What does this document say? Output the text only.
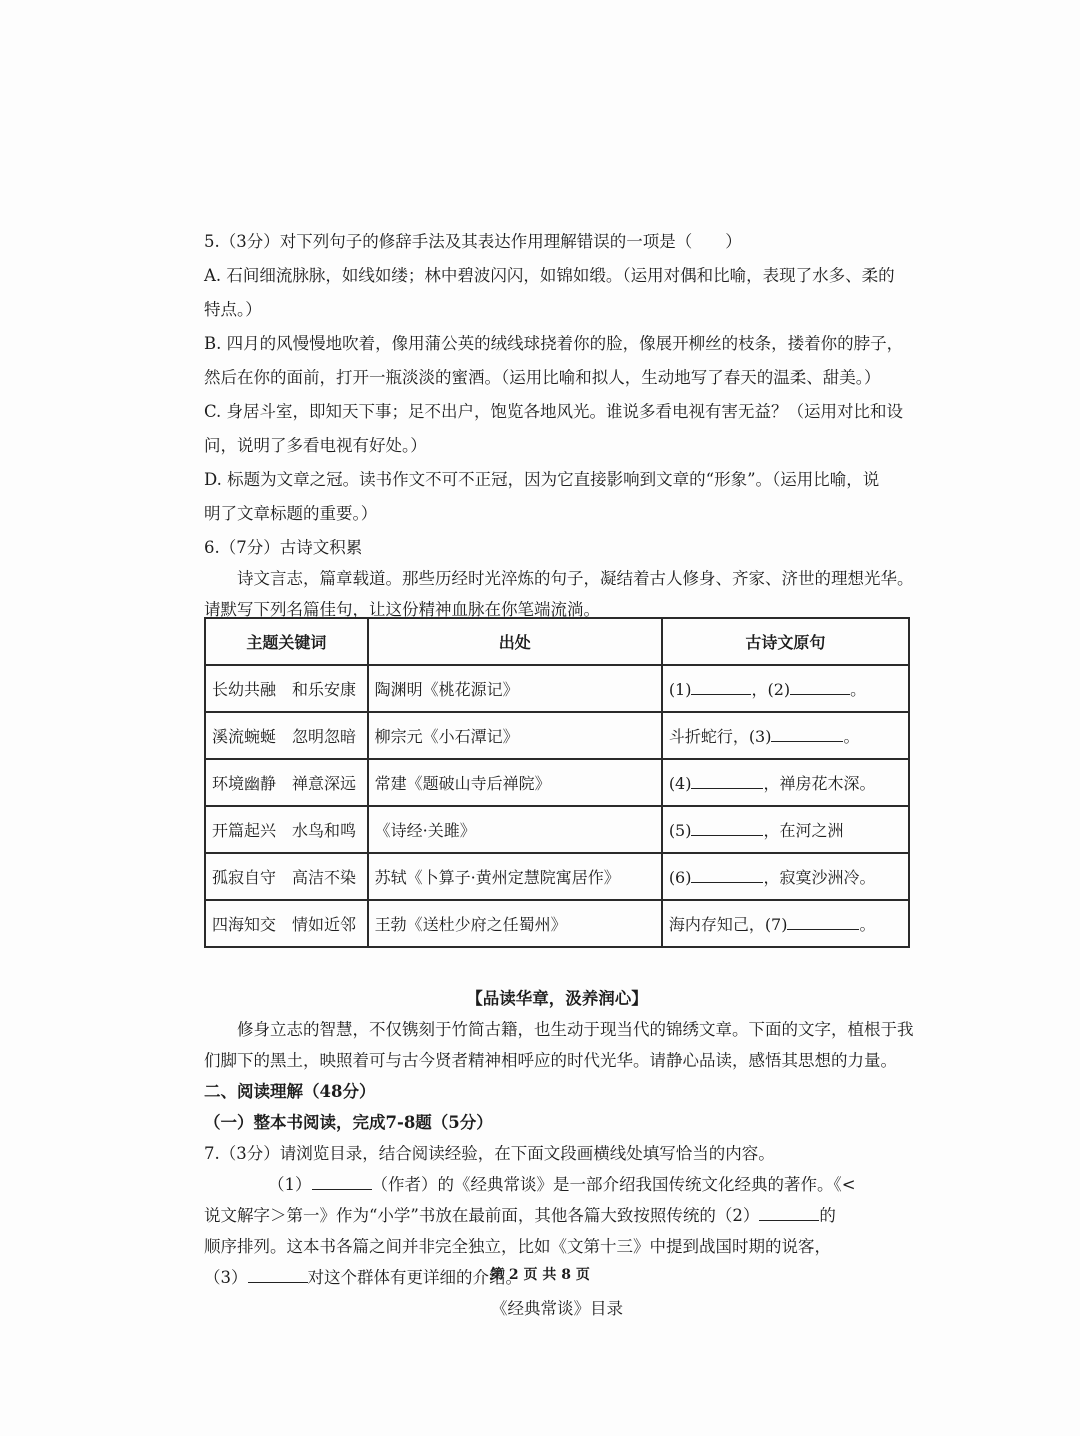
5.（3分）对下列句子的修辞手法及其表达作用理解错误的一项是（　　）
A. 石间细流脉脉，如线如缕；林中碧波闪闪，如锦如缎。（运用对偶和比喻，表现了水多、柔的
特点。）
B. 四月的风慢慢地吹着，像用蒲公英的绒线球挠着你的脸，像展开柳丝的枝条，搂着你的脖子，
然后在你的面前，打开一瓶淡淡的蜜酒。（运用比喻和拟人，生动地写了春天的温柔、甜美。）
C. 身居斗室，即知天下事；足不出户，饱览各地风光。谁说多看电视有害无益？（运用对比和设
问，说明了多看电视有好处。）
D. 标题为文章之冠。读书作文不可不正冠，因为它直接影响到文章的“形象”。（运用比喻，说
明了文章标题的重要。）
6.（7分）古诗文积累
诗文言志，篇章载道。那些历经时光淬炼的句子，凝结着古人修身、齐家、济世的理想光华。
请默写下列名篇佳句，让这份精神血脉在你笔端流淌。
主题关键词	出处	古诗文原句
长幼共融　和乐安康	陶渊明《桃花源记》	(1) ，(2) 。
溪流蜿蜒　忽明忽暗	柳宗元《小石潭记》	斗折蛇行，(3) 。
环境幽静　禅意深远	常建《题破山寺后禅院》	(4) ，禅房花木深。
开篇起兴　水鸟和鸣	《诗经·关雎》	(5) ，在河之洲
孤寂自守　高洁不染	苏轼《卜算子·黄州定慧院寓居作》	(6) ，寂寞沙洲冷。
四海知交　情如近邻	王勃《送杜少府之任蜀州》	海内存知己，(7) 。
【品读华章，汲养润心】
修身立志的智慧，不仅镌刻于竹简古籍，也生动于现当代的锦绣文章。下面的文字，植根于我
们脚下的黑土，映照着可与古今贤者精神相呼应的时代光华。请静心品读，感悟其思想的力量。
二、阅读理解（48分）
（一）整本书阅读，完成7-8题（5分）
7.（3分）请浏览目录，结合阅读经验，在下面文段画横线处填写恰当的内容。
（1）	（作者）的《经典常谈》是一部介绍我国传统文化经典的著作。《<
说文解字＞第一》作为“小学”书放在最前面，其他各篇大致按照传统的（2）	的
顺序排列。这本书各篇之间并非完全独立，比如《文第十三》中提到战国时期的说客，
（3）	对这个群体有更详细的介绍。
《经典常谈》目录
第 2 页 共 8 页
